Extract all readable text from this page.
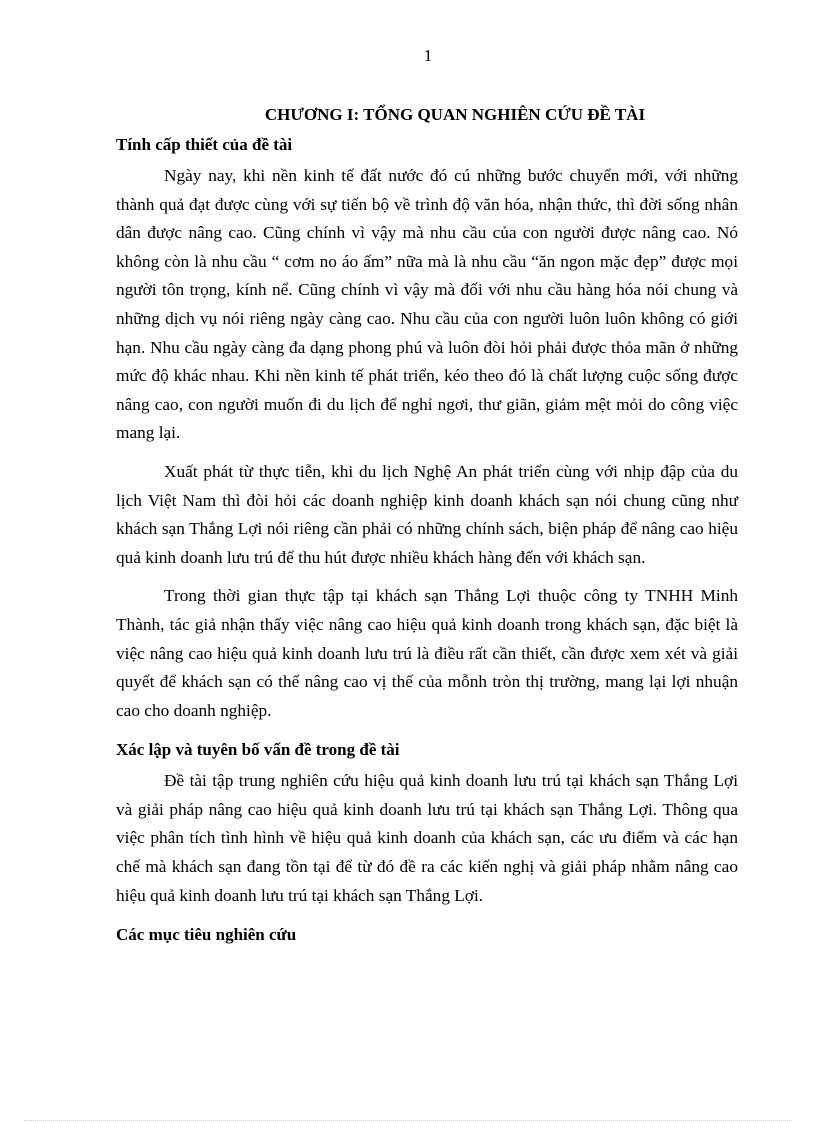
1
CHƯƠNG I: TỔNG QUAN NGHIÊN CỨU ĐỀ TÀI
Tính cấp thiết của đề tài

Ngày nay, khi nền kinh tế đất nước đó cú những bước chuyển mới, với những thành quả đạt được cùng với sự tiến bộ về trình độ văn hóa, nhận thức, thì đời sống nhân dân được nâng cao. Cũng chính vì vậy mà nhu cầu của con người được nâng cao. Nó không còn là nhu cầu “ cơm no áo ấm” nữa mà là nhu cầu “ăn ngon mặc đẹp” được mọi người tôn trọng, kính nể. Cũng chính vì vậy mà đối với nhu cầu hàng hóa nói chung và những dịch vụ nói riêng ngày càng cao. Nhu cầu của con người luôn luôn không có giới hạn. Nhu cầu ngày càng đa dạng phong phú và luôn đòi hỏi phải được thỏa mãn ở những mức độ khác nhau. Khi nền kinh tế phát triển, kéo theo đó là chất lượng cuộc sống được nâng cao, con người muốn đi du lịch để nghỉ ngơi, thư giãn, giảm mệt mỏi do công việc mang lại.

Xuất phát từ thực tiễn, khi du lịch Nghệ An phát triển cùng với nhịp đập của du lịch Việt Nam thì đòi hỏi các doanh nghiệp kinh doanh khách sạn nói chung cũng như khách sạn Thắng Lợi nói riêng cần phải có những chính sách, biện pháp để nâng cao hiệu quả kinh doanh lưu trú để thu hút được nhiều khách hàng đến với khách sạn.

Trong thời gian thực tập tại khách sạn Thắng Lợi thuộc công ty TNHH Minh Thành, tác giả nhận thấy việc nâng cao hiệu quả kinh doanh trong khách sạn, đặc biệt là việc nâng cao hiệu quả kinh doanh lưu trú là điều rất cần thiết, cần được xem xét và giải quyết để khách sạn có thể nâng cao vị thế của mỗnh tròn thị trường, mang lại lợi nhuận cao cho doanh nghiệp.

Xác lập và tuyên bố vấn đề trong đề tài

Đề tài tập trung nghiên cứu hiệu quả kinh doanh lưu trú tại khách sạn Thắng Lợi và giải pháp nâng cao hiệu quả kinh doanh lưu trú tại khách sạn Thắng Lợi. Thông qua việc phân tích tình hình về hiệu quả kinh doanh của khách sạn, các ưu điểm và các hạn chế mà khách sạn đang tồn tại để từ đó đề ra các kiến nghị và giải pháp nhằm nâng cao hiệu quả kinh doanh lưu trú tại khách sạn Thắng Lợi.

Các mục tiêu nghiên cứu
